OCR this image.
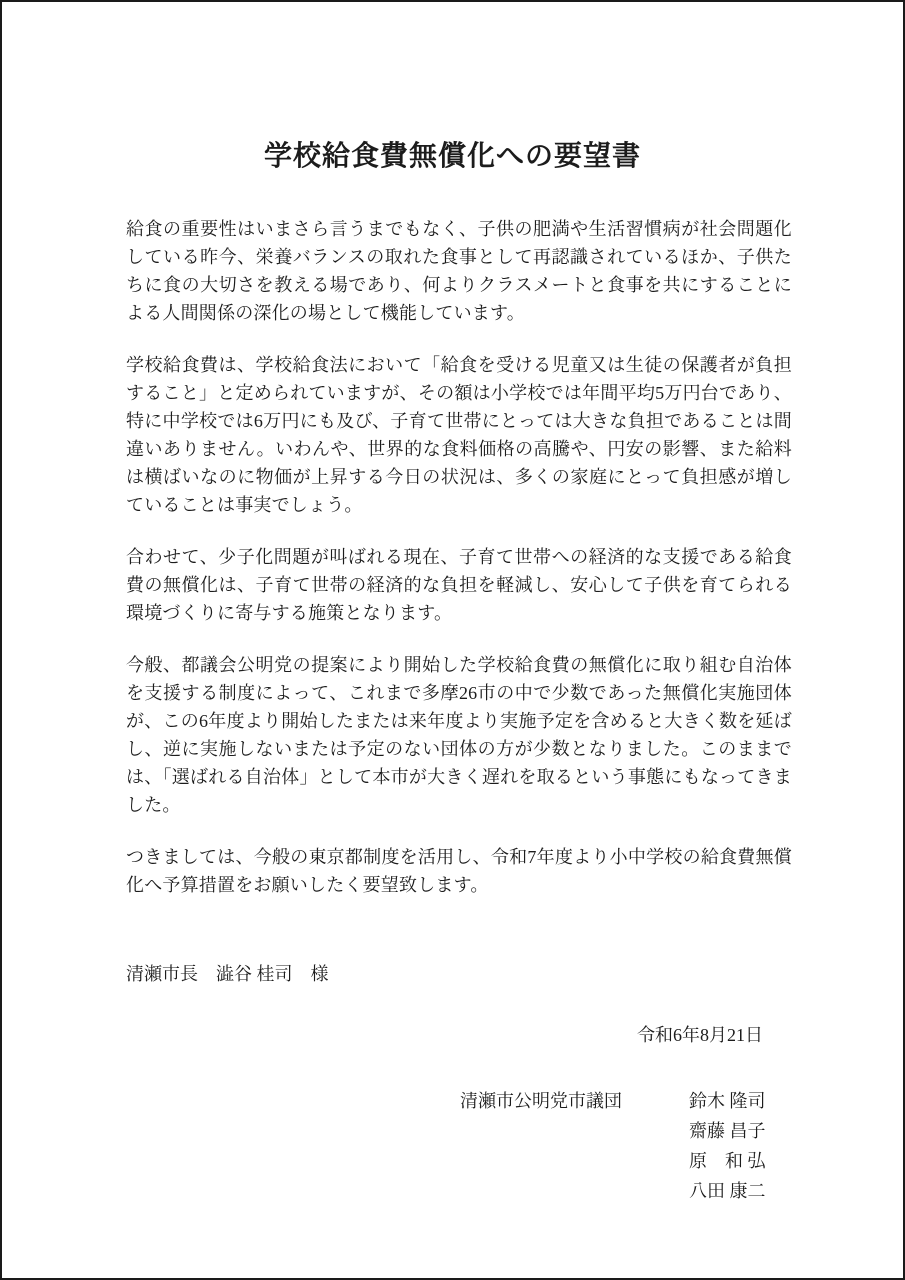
学校給食費無償化への要望書

給食の重要性はいまさら言うまでもなく、子供の肥満や生活習慣病が社会問題化している昨今、栄養バランスの取れた食事として再認識されているほか、子供たちに食の大切さを教える場であり、何よりクラスメートと食事を共にすることによる人間関係の深化の場として機能しています。

学校給食費は、学校給食法において「給食を受ける児童又は生徒の保護者が負担すること」と定められていますが、その額は小学校では年間平均5万円台であり、特に中学校では6万円にも及び、子育て世帯にとっては大きな負担であることは間違いありません。いわんや、世界的な食料価格の高騰や、円安の影響、また給料は横ばいなのに物価が上昇する今日の状況は、多くの家庭にとって負担感が増していることは事実でしょう。

合わせて、少子化問題が叫ばれる現在、子育て世帯への経済的な支援である給食費の無償化は、子育て世帯の経済的な負担を軽減し、安心して子供を育てられる環境づくりに寄与する施策となります。

今般、都議会公明党の提案により開始した学校給食費の無償化に取り組む自治体を支援する制度によって、これまで多摩26市の中で少数であった無償化実施団体が、この6年度より開始したまたは来年度より実施予定を含めると大きく数を延ばし、逆に実施しないまたは予定のない団体の方が少数となりました。このままでは、「選ばれる自治体」として本市が大きく遅れを取るという事態にもなってきました。

つきましては、今般の東京都制度を活用し、令和7年度より小中学校の給食費無償化へ予算措置をお願いしたく要望致します。

清瀬市長　澁谷 桂司　様

令和6年8月21日

清瀬市公明党市議団	鈴木 隆司
齋藤 昌子
原　和 弘
八田 康二
